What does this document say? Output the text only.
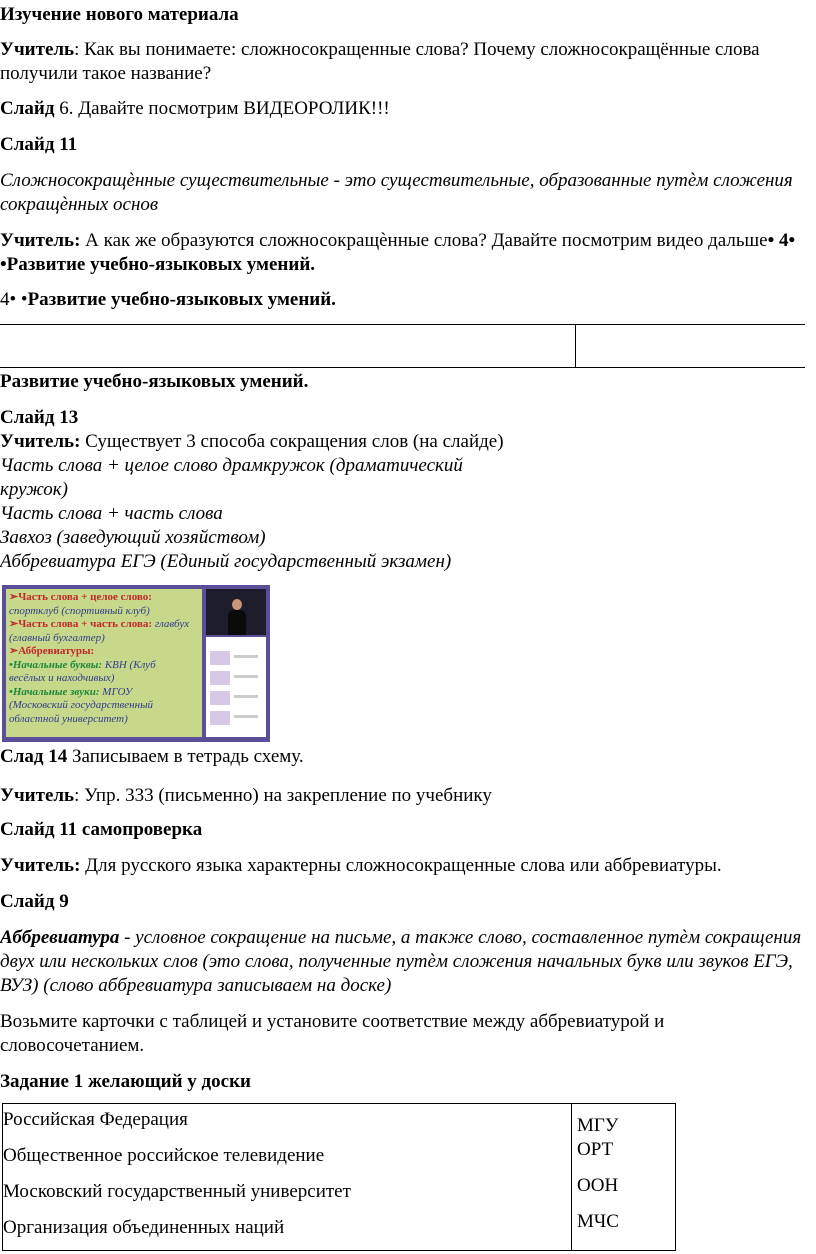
Изучение нового материала

Учитель: Как вы понимаете: сложносокращенные слова? Почему сложносокращённые слова получили такое название?

Слайд 6. Давайте посмотрим ВИДЕОРОЛИК!!!

Слайд 11

Сложносокращѐнные существительные - это существительные, образованные путѐм сложения сокращѐнных основ

Учитель: А как же образуются сложносокращѐнные слова? Давайте посмотрим видео дальше• 4• •Развитие учебно-языковых умений.

4• •Развитие учебно-языковых умений.

Развитие учебно-языковых умений.

Слайд 13

Учитель: Существует 3 способа сокращения слов (на слайде)

Часть слова + целое слово драмкружок (драматический

кружок)

Часть слова + часть слова

Завхоз (заведующий хозяйством)

Аббревиатура ЕГЭ (Единый государственный экзамен)

➢Часть слова + целое слово:
спортклуб (спортивный клуб)
➢Часть слова + часть слова: главбух
(главный бухгалтер)
➢Аббревиатуры:
•Начальные буквы: КВН (Клуб
весёлых и находчивых)
•Начальные звуки: МГОУ
(Московский государственный
областной университет)

Слад 14 Записываем в тетрадь схему.

Учитель: Упр. 333 (письменно) на закрепление по учебнику

Слайд 11 самопроверка

Учитель: Для русского языка характерны сложносокращенные слова или аббревиатуры.

Слайд 9

Аббревиатура - условное сокращение на письме, а также слово, составленное путѐм сокращения двух или нескольких слов (это слова, полученные путѐм сложения начальных букв или звуков ЕГЭ, ВУЗ) (слово аббревиатура записываем на доске)

Возьмите карточки с таблицей и установите соответствие между аббревиатурой и словосочетанием.

Задание 1 желающий у доски

Российская Федерация
Общественное российское телевидение
Московский государственный университет
Организация объединенных наций
МГУ
ОРТ
ООН
МЧС
